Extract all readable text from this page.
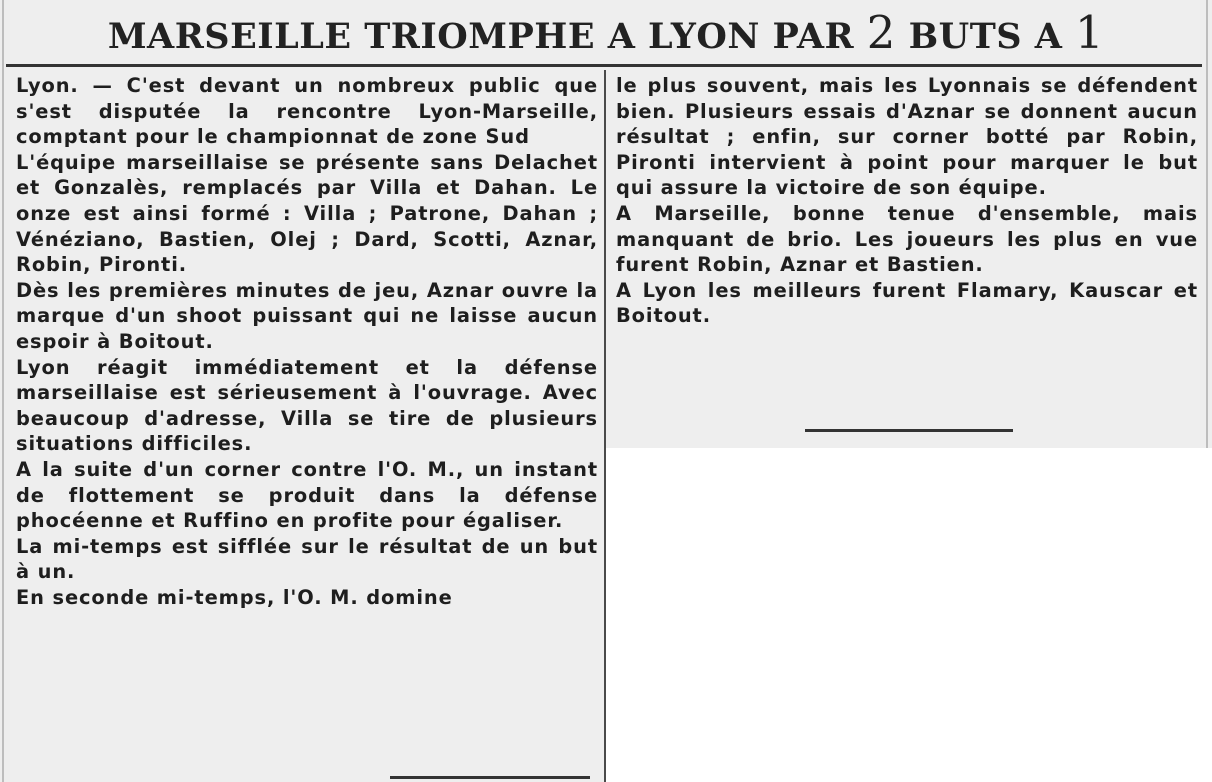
MARSEILLE TRIOMPHE A LYON PAR 2 BUTS A 1

Lyon. — C'est devant un nombreux public que s'est disputée la rencontre Lyon-Marseille, comptant pour le championnat de zone Sud

L'équipe marseillaise se présente sans Delachet et Gonzalès, remplacés par Villa et Dahan. Le onze est ainsi formé : Villa ; Patrone, Dahan ; Vénéziano, Bastien, Olej ; Dard, Scotti, Aznar, Robin, Pironti.

Dès les premières minutes de jeu, Aznar ouvre la marque d'un shoot puissant qui ne laisse aucun espoir à Boitout.

Lyon réagit immédiatement et la défense marseillaise est sérieusement à l'ouvrage. Avec beaucoup d'adresse, Villa se tire de plusieurs situations difficiles.

A la suite d'un corner contre l'O. M., un instant de flottement se produit dans la défense phocéenne et Ruffino en profite pour égaliser.

La mi-temps est sifflée sur le résultat de un but à un.

En seconde mi-temps, l'O. M. domine

le plus souvent, mais les Lyonnais se défendent bien. Plusieurs essais d'Aznar se donnent aucun résultat ; enfin, sur corner botté par Robin, Pironti intervient à point pour marquer le but qui assure la victoire de son équipe.

A Marseille, bonne tenue d'ensemble, mais manquant de brio. Les joueurs les plus en vue furent Robin, Aznar et Bastien.

A Lyon les meilleurs furent Flamary, Kauscar et Boitout.
